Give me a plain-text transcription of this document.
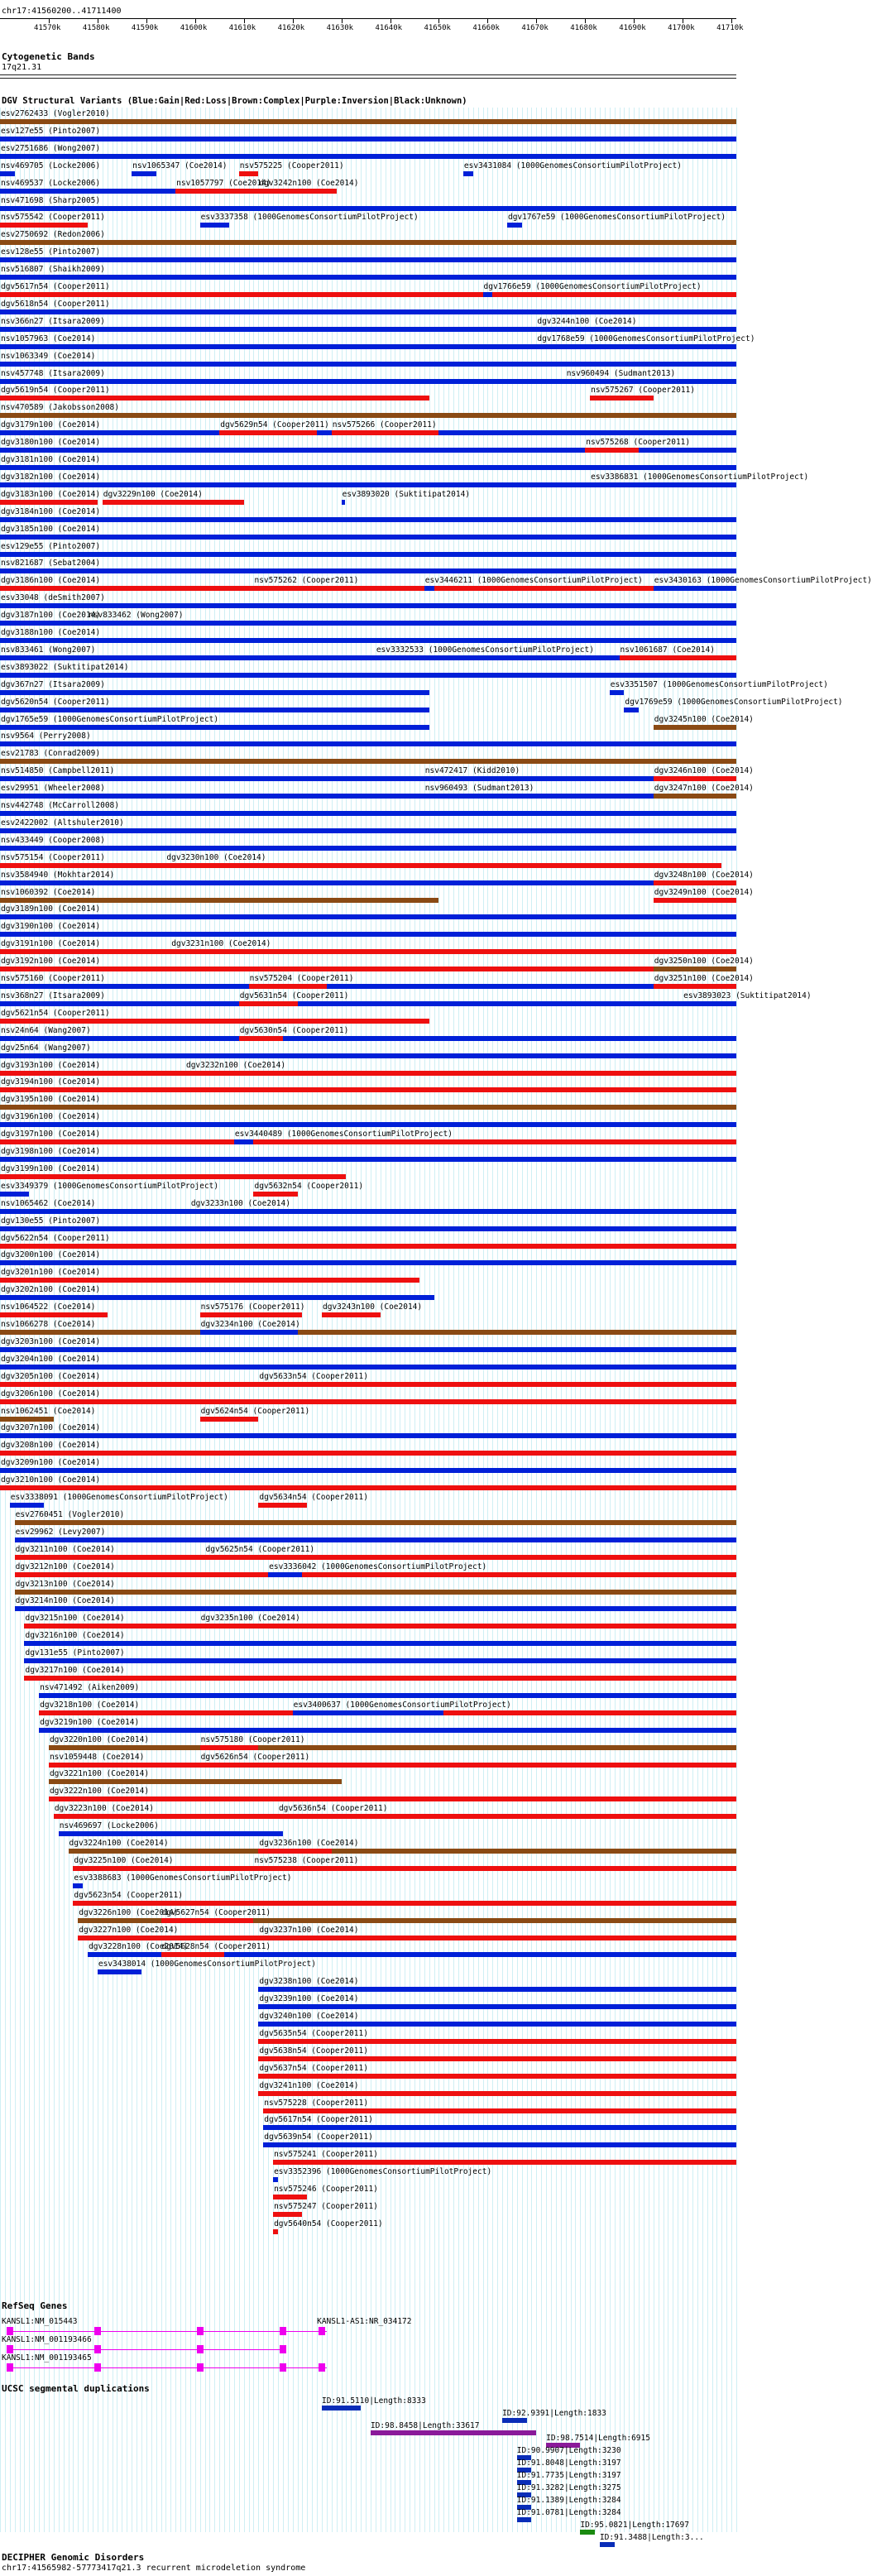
chr17:41560200..41711400
41570k	41580k	41590k	41600k	41610k	41620k	41630k	41640k	41650k	41660k	41670k	41680k	41690k	41700k	41710k
Cytogenetic Bands
17q21.31
DGV Structural Variants (Blue:Gain|Red:Loss|Brown:Complex|Purple:Inversion|Black:Unknown)
esv2762433 (Vogler2010)
esv127e55 (Pinto2007)
esv2751686 (Wong2007)
nsv469705 (Locke2006)	nsv1065347 (Coe2014) nsv575225 (Cooper2011)	esv3431084 (1000GenomesConsortiumPilotProject)
nsv469537 (Locke2006)	nsv1057797 (Coe2014)
dgv3242n100 (Coe2014)
nsv471698 (Sharp2005)
nsv575542 (Cooper2011)	esv3337358 (1000GenomesConsortiumPilotProject)	dgv1767e59 (1000GenomesConsortiumPilotProject)
esv2750692 (Redon2006)
esv128e55 (Pinto2007)
nsv516807 (Shaikh2009)
dgv5617n54 (Cooper2011)	dgv1766e59 (1000GenomesConsortiumPilotProject)
dgv5618n54 (Cooper2011)
nsv366n27 (Itsara2009)	dgv3244n100 (Coe2014)
nsv1057963 (Coe2014)	dgv1768e59 (1000GenomesConsortiumPilotProject)
nsv1063349 (Coe2014)
nsv457748 (Itsara2009)	nsv960494 (Sudmant2013)
dgv5619n54 (Cooper2011)	nsv575267 (Cooper2011)
nsv470589 (Jakobsson2008)
dgv3179n100 (Coe2014)	dgv5629n54 (Cooper2011) nsv575266 (Cooper2011)
dgv3180n100 (Coe2014)	nsv575268 (Cooper2011)
dgv3181n100 (Coe2014)
dgv3182n100 (Coe2014)	esv3386831 (1000GenomesConsortiumPilotProject)
dgv3183n100 (Coe2014) dgv3229n100 (Coe2014)	esv3893020 (Suktitipat2014)
dgv3184n100 (Coe2014)
dgv3185n100 (Coe2014)
esv129e55 (Pinto2007)
nsv821687 (Sebat2004)
dgv3186n100 (Coe2014)	nsv575262 (Cooper2011)	esv3446211 (1000GenomesConsortiumPilotProject) esv3430163 (1000GenomesConsortiumPilotProject)
esv33048 (deSmith2007)
dgv3187n100 (Coe2014)
nsv833462 (Wong2007)
dgv3188n100 (Coe2014)
nsv833461 (Wong2007)	esv3332533 (1000GenomesConsortiumPilotProject)	nsv1061687 (Coe2014)
esv3893022 (Suktitipat2014)
dgv367n27 (Itsara2009)	esv3351507 (1000GenomesConsortiumPilotProject)
dgv5620n54 (Cooper2011)	dgv1769e59 (1000GenomesConsortiumPilotProject)
dgv1765e59 (1000GenomesConsortiumPilotProject)	dgv3245n100 (Coe2014)
nsv9564 (Perry2008)
esv21783 (Conrad2009)
nsv514850 (Campbell2011)	nsv472417 (Kidd2010)	dgv3246n100 (Coe2014)
esv29951 (Wheeler2008)	nsv960493 (Sudmant2013)	dgv3247n100 (Coe2014)
nsv442748 (McCarroll2008)
esv2422002 (Altshuler2010)
nsv433449 (Cooper2008)
nsv575154 (Cooper2011)	dgv3230n100 (Coe2014)
nsv3584940 (Mokhtar2014)	dgv3248n100 (Coe2014)
nsv1060392 (Coe2014)	dgv3249n100 (Coe2014)
dgv3189n100 (Coe2014)
dgv3190n100 (Coe2014)
dgv3191n100 (Coe2014)	dgv3231n100 (Coe2014)
dgv3192n100 (Coe2014)	dgv3250n100 (Coe2014)
nsv575160 (Cooper2011)	nsv575204 (Cooper2011)	dgv3251n100 (Coe2014)
nsv368n27 (Itsara2009)	dgv5631n54 (Cooper2011)	esv3893023 (Suktitipat2014)
dgv5621n54 (Cooper2011)
nsv24n64 (Wang2007)	dgv5630n54 (Cooper2011)
dgv25n64 (Wang2007)
dgv3193n100 (Coe2014)	dgv3232n100 (Coe2014)
dgv3194n100 (Coe2014)
dgv3195n100 (Coe2014)
dgv3196n100 (Coe2014)
dgv3197n100 (Coe2014)	esv3440489 (1000GenomesConsortiumPilotProject)
dgv3198n100 (Coe2014)
dgv3199n100 (Coe2014)
esv3349379 (1000GenomesConsortiumPilotProject)	dgv5632n54 (Cooper2011)
nsv1065462 (Coe2014)	dgv3233n100 (Coe2014)
dgv130e55 (Pinto2007)
dgv5622n54 (Cooper2011)
dgv3200n100 (Coe2014)
dgv3201n100 (Coe2014)
dgv3202n100 (Coe2014)
nsv1064522 (Coe2014)	nsv575176 (Cooper2011) dgv3243n100 (Coe2014)
nsv1066278 (Coe2014)	dgv3234n100 (Coe2014)
dgv3203n100 (Coe2014)
dgv3204n100 (Coe2014)
dgv3205n100 (Coe2014)	dgv5633n54 (Cooper2011)
dgv3206n100 (Coe2014)
nsv1062451 (Coe2014)	dgv5624n54 (Cooper2011)
dgv3207n100 (Coe2014)
dgv3208n100 (Coe2014)
dgv3209n100 (Coe2014)
dgv3210n100 (Coe2014)
esv3338091 (1000GenomesConsortiumPilotProject)	dgv5634n54 (Cooper2011)
esv2760451 (Vogler2010)
esv29962 (Levy2007)
dgv3211n100 (Coe2014)	dgv5625n54 (Cooper2011)
dgv3212n100 (Coe2014)	esv3336042 (1000GenomesConsortiumPilotProject)
dgv3213n100 (Coe2014)
dgv3214n100 (Coe2014)
dgv3215n100 (Coe2014)	dgv3235n100 (Coe2014)
dgv3216n100 (Coe2014)
dgv131e55 (Pinto2007)
dgv3217n100 (Coe2014)
nsv471492 (Aiken2009)
dgv3218n100 (Coe2014)	esv3400637 (1000GenomesConsortiumPilotProject)
dgv3219n100 (Coe2014)
dgv3220n100 (Coe2014)	nsv575180 (Cooper2011)
nsv1059448 (Coe2014)	dgv5626n54 (Cooper2011)
dgv3221n100 (Coe2014)
dgv3222n100 (Coe2014)
dgv3223n100 (Coe2014)	dgv5636n54 (Cooper2011)
nsv469697 (Locke2006)
dgv3224n100 (Coe2014)	dgv3236n100 (Coe2014)
dgv3225n100 (Coe2014)	nsv575238 (Cooper2011)
esv3388683 (1000GenomesConsortiumPilotProject)
dgv5623n54 (Cooper2011)
dgv3226n100 (Coe2014)
dgv5627n54 (Cooper2011)
dgv3227n100 (Coe2014)	dgv3237n100 (Coe2014)
dgv3228n100 (Coe2014)
dgv5628n54 (Cooper2011)
esv3438014 (1000GenomesConsortiumPilotProject)
dgv3238n100 (Coe2014)
dgv3239n100 (Coe2014)
dgv3240n100 (Coe2014)
dgv5635n54 (Cooper2011)
dgv5638n54 (Cooper2011)
dgv5637n54 (Cooper2011)
dgv3241n100 (Coe2014)
nsv575228 (Cooper2011)
dgv5617n54 (Cooper2011)
dgv5639n54 (Cooper2011)
nsv575241 (Cooper2011)
esv3352396 (1000GenomesConsortiumPilotProject)
nsv575246 (Cooper2011)
nsv575247 (Cooper2011)
dgv5640n54 (Cooper2011)
RefSeq Genes
KANSL1:NM_015443	KANSL1-AS1:NR_034172
KANSL1:NM_001193466
KANSL1:NM_001193465
UCSC segmental duplications
ID:91.5110|Length:8333
ID:92.9391|Length:1833
ID:98.8458|Length:33617
ID:98.7514|Length:6915
ID:90.9907|Length:3230
ID:91.8048|Length:3197
ID:91.7735|Length:3197
ID:91.3282|Length:3275
ID:91.1389|Length:3284
ID:91.0781|Length:3284
ID:95.0821|Length:17697
ID:91.3488|Length:3...
DECIPHER Genomic Disorders
chr17:41565982-57773417q21.3 recurrent microdeletion syndrome
